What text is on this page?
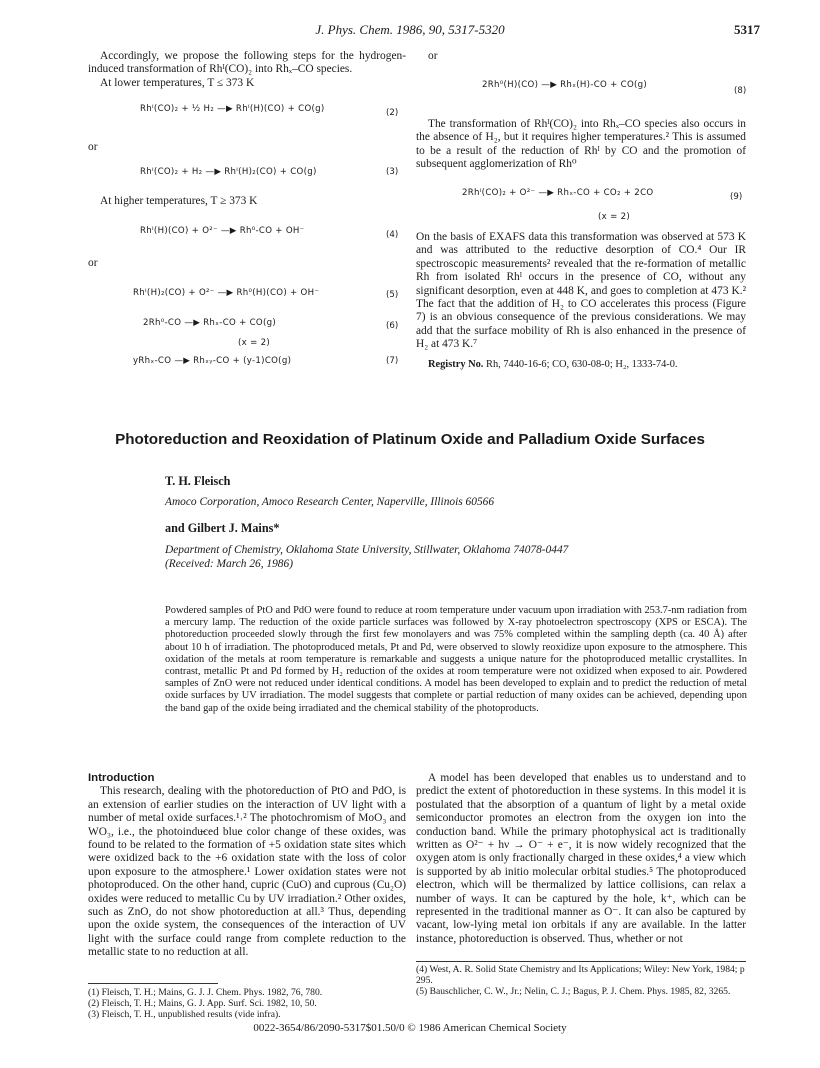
J. Phys. Chem. 1986, 90, 5317-5320	5317

Accordingly, we propose the following steps for the hydrogen-induced transformation of Rhᴵ(CO)₂ into Rhₓ–CO species.

At lower temperatures, T ≤ 373 K

Rhᴵ(CO)₂ + ½ H₂ —▶ Rhᴵ(H)(CO) + CO(g)	(2)
or
Rhᴵ(CO)₂ + H₂ —▶ Rhᴵ(H)₂(CO) + CO(g)	(3)

At higher temperatures, T ≥ 373 K

Rhᴵ(H)(CO) + O²⁻ —▶ Rh⁰-CO + OH⁻	(4)
or
Rhᴵ(H)₂(CO) + O²⁻ —▶ Rh⁰(H)(CO) + OH⁻	(5)
2Rh⁰-CO —▶ Rhₓ-CO + CO(g)	(6)
(x = 2)
yRhₓ-CO —▶ Rhₓᵧ-CO + (y-1)CO(g)	(7)
or
2Rh⁰(H)(CO) —▶ Rhₓ(H)-CO + CO(g)
(8)

The transformation of Rhᴵ(CO)₂ into Rhₓ–CO species also occurs in the absence of H₂, but it requires higher temperatures.² This is assumed to be a result of the reduction of Rhᴵ by CO and the promotion of subsequent agglomerization of Rh⁰

2Rhᴵ(CO)₂ + O²⁻ —▶ Rhₓ-CO + CO₂ + 2CO	(9)
(x = 2)

On the basis of EXAFS data this transformation was observed at 573 K and was attributed to the reductive desorption of CO.⁴ Our IR spectroscopic measurements² revealed that the re-formation of metallic Rh from isolated Rhᴵ occurs in the presence of CO, without any significant desorption, even at 448 K, and goes to completion at 473 K.² The fact that the addition of H₂ to CO accelerates this process (Figure 7) is an obvious consequence of the previous considerations. We may add that the surface mobility of Rh is also enhanced in the presence of H₂ at 473 K.⁷

Registry No. Rh, 7440-16-6; CO, 630-08-0; H₂, 1333-74-0.

Photoreduction and Reoxidation of Platinum Oxide and Palladium Oxide Surfaces
T. H. Fleisch
Amoco Corporation, Amoco Research Center, Naperville, Illinois 60566
and Gilbert J. Mains*
Department of Chemistry, Oklahoma State University, Stillwater, Oklahoma 74078-0447
(Received: March 26, 1986)
Powdered samples of PtO and PdO were found to reduce at room temperature under vacuum upon irradiation with 253.7-nm radiation from a mercury lamp. The reduction of the oxide particle surfaces was followed by X-ray photoelectron spectroscopy (XPS or ESCA). The photoreduction proceeded slowly through the first few monolayers and was 75% completed within the sampling depth (ca. 40 Å) after about 10 h of irradiation. The photoproduced metals, Pt and Pd, were observed to slowly reoxidize upon exposure to the atmosphere. This oxidation of the metals at room temperature is remarkable and suggests a unique nature for the photoproduced metallic crystallites. In contrast, metallic Pt and Pd formed by H₂ reduction of the oxides at room temperature were not oxidized when exposed to air. Powdered samples of ZnO were not reduced under identical conditions. A model has been developed to explain and to predict the reduction of metal oxide surfaces by UV irradiation. The model suggests that complete or partial reduction of many oxides can be achieved, depending upon the band gap of the oxide being irradiated and the chemical stability of the photoproducts.
Introduction

This research, dealing with the photoreduction of PtO and PdO, is an extension of earlier studies on the interaction of UV light with a number of metal oxide surfaces.¹˒² The photochromism of MoO₃ and WO₃, i.e., the photoindu̶ced blue color change of these oxides, was found to be related to the formation of +5 oxidation state sites which were oxidized back to the +6 oxidation state with the loss of color upon exposure to the atmosphere.¹ Lower oxidation states were not photoproduced. On the other hand, cupric (CuO) and cuprous (Cu₂O) oxides were reduced to metallic Cu by UV irradiation.² Other oxides, such as ZnO, do not show photoreduction at all.³ Thus, depending upon the oxide system, the consequences of the interaction of UV light with the surface could range from complete reduction to the metallic state to no reduction at all.

A model has been developed that enables us to understand and to predict the extent of photoreduction in these systems. In this model it is postulated that the absorption of a quantum of light by a metal oxide semiconductor promotes an electron from the oxygen ion into the conduction band. While the primary photophysical act is traditionally written as O²⁻ + hν → O⁻ + e⁻, it is now widely recognized that the oxygen atom is only fractionally charged in these oxides,⁴ a view which is supported by ab initio molecular orbital studies.⁵ The photoproduced electron, which will be thermalized by lattice collisions, can relax a number of ways. It can be captured by the hole, k⁺, which can be represented in the traditional manner as O⁻. It can also be captured by vacant, low-lying metal ion orbitals if any are available. In the latter instance, photoreduction is observed. Thus, whether or not

(1) Fleisch, T. H.; Mains, G. J. J. Chem. Phys. 1982, 76, 780.
(2) Fleisch, T. H.; Mains, G. J. App. Surf. Sci. 1982, 10, 50.
(3) Fleisch, T. H., unpublished results (vide infra).
(4) West, A. R. Solid State Chemistry and Its Applications; Wiley: New York, 1984; p 295.
(5) Bauschlicher, C. W., Jr.; Nelin, C. J.; Bagus, P. J. Chem. Phys. 1985, 82, 3265.
0022-3654/86/2090-5317$01.50/0 © 1986 American Chemical Society
